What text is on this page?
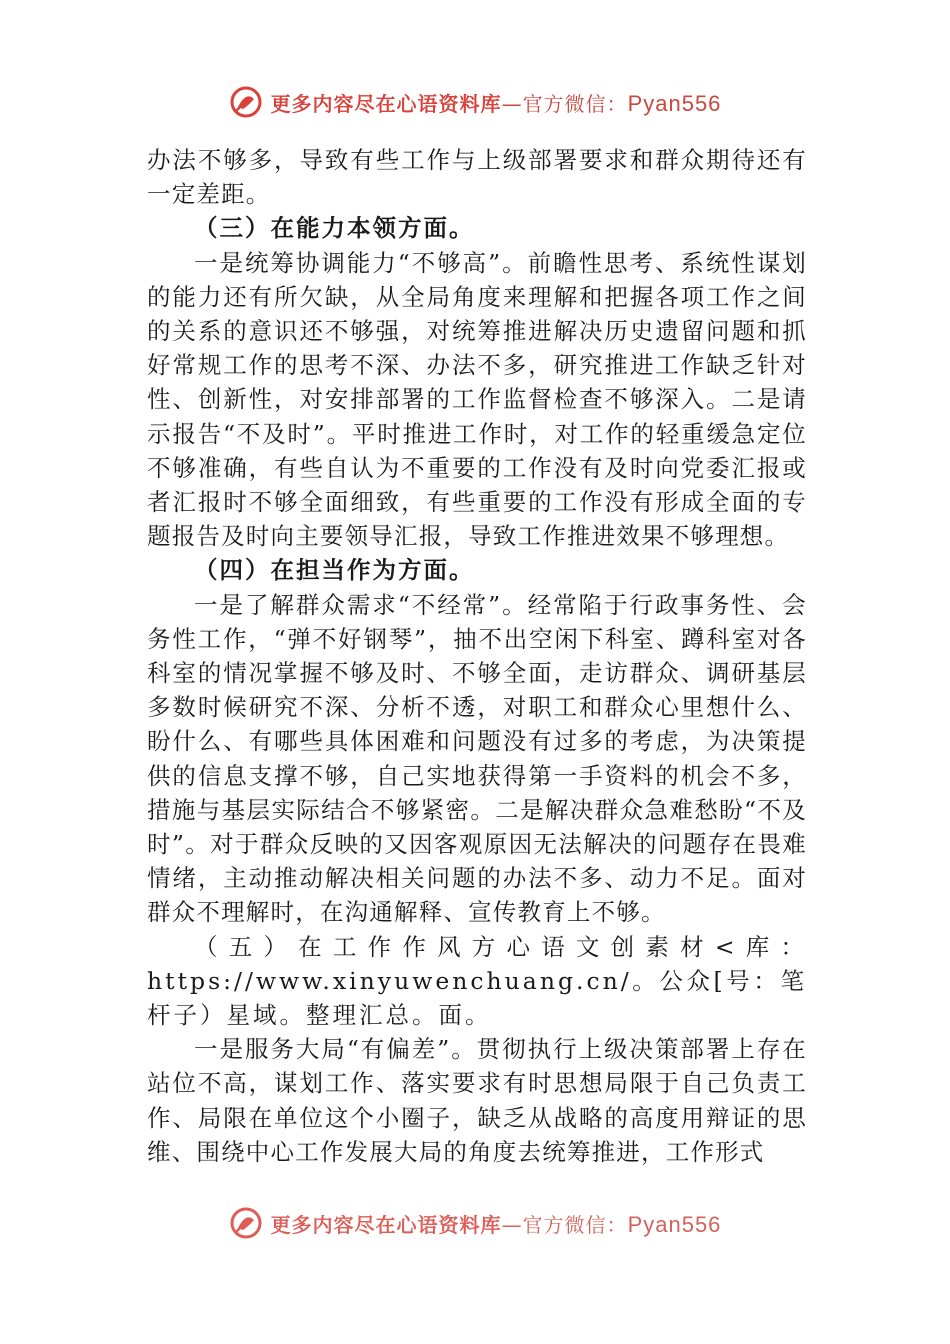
更多内容尽在心语资料库—官方微信：Pyan556

办法不够多，导致有些工作与上级部署要求和群众期待还有一定差距。

（三）在能力本领方面。

一是统筹协调能力“不够高”。前瞻性思考、系统性谋划的能力还有所欠缺，从全局角度来理解和把握各项工作之间的关系的意识还不够强，对统筹推进解决历史遗留问题和抓好常规工作的思考不深、办法不多，研究推进工作缺乏针对性、创新性，对安排部署的工作监督检查不够深入。二是请示报告“不及时”。平时推进工作时，对工作的轻重缓急定位不够准确，有些自认为不重要的工作没有及时向党委汇报或者汇报时不够全面细致，有些重要的工作没有形成全面的专题报告及时向主要领导汇报，导致工作推进效果不够理想。

（四）在担当作为方面。

一是了解群众需求“不经常”。经常陷于行政事务性、会务性工作，“弹不好钢琴”，抽不出空闲下科室、蹲科室对各科室的情况掌握不够及时、不够全面，走访群众、调研基层多数时候研究不深、分析不透，对职工和群众心里想什么、盼什么、有哪些具体困难和问题没有过多的考虑，为决策提供的信息支撑不够，自己实地获得第一手资料的机会不多，措施与基层实际结合不够紧密。二是解决群众急难愁盼“不及时”。对于群众反映的又因客观原因无法解决的问题存在畏难情绪，主动推动解决相关问题的办法不多、动力不足。面对群众不理解时，在沟通解释、宣传教育上不够。

（五）在工作作风方心语文创素材<库：https://www.xinyuwenchuang.cn/。公众[号：笔杆子）星域。整理汇总。面。

一是服务大局“有偏差”。贯彻执行上级决策部署上存在站位不高，谋划工作、落实要求有时思想局限于自己负责工作、局限在单位这个小圈子，缺乏从战略的高度用辩证的思维、围绕中心工作发展大局的角度去统筹推进，工作形式

更多内容尽在心语资料库—官方微信：Pyan556
